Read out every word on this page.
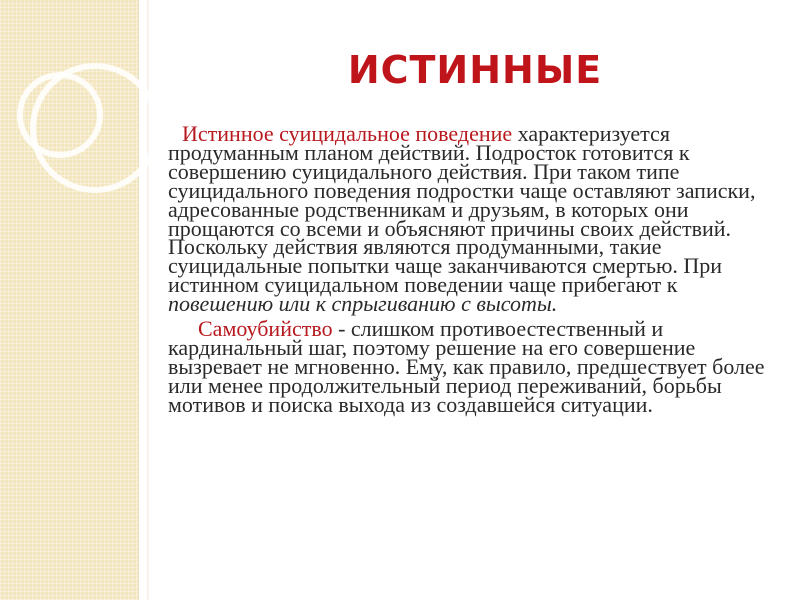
ИСТИННЫЕ

Истинное суицидальное поведение характеризуется продуманным планом действий. Подросток готовится к совершению суицидального действия. При таком типе суицидального поведения подростки чаще оставляют записки, адресованные родственникам и друзьям, в которых они прощаются со всеми и объясняют причины своих действий. Поскольку действия являются продуманными, такие суицидальные попытки чаще заканчиваются смертью. При истинном суицидальном поведении чаще прибегают к повешению или к спрыгиванию с высоты.

Самоубийство - слишком противоестественный и кардинальный шаг, поэтому решение на его совершение вызревает не мгновенно. Ему, как правило, предшествует более или менее продолжительный период переживаний, борьбы мотивов и поиска выхода из создавшейся ситуации.
